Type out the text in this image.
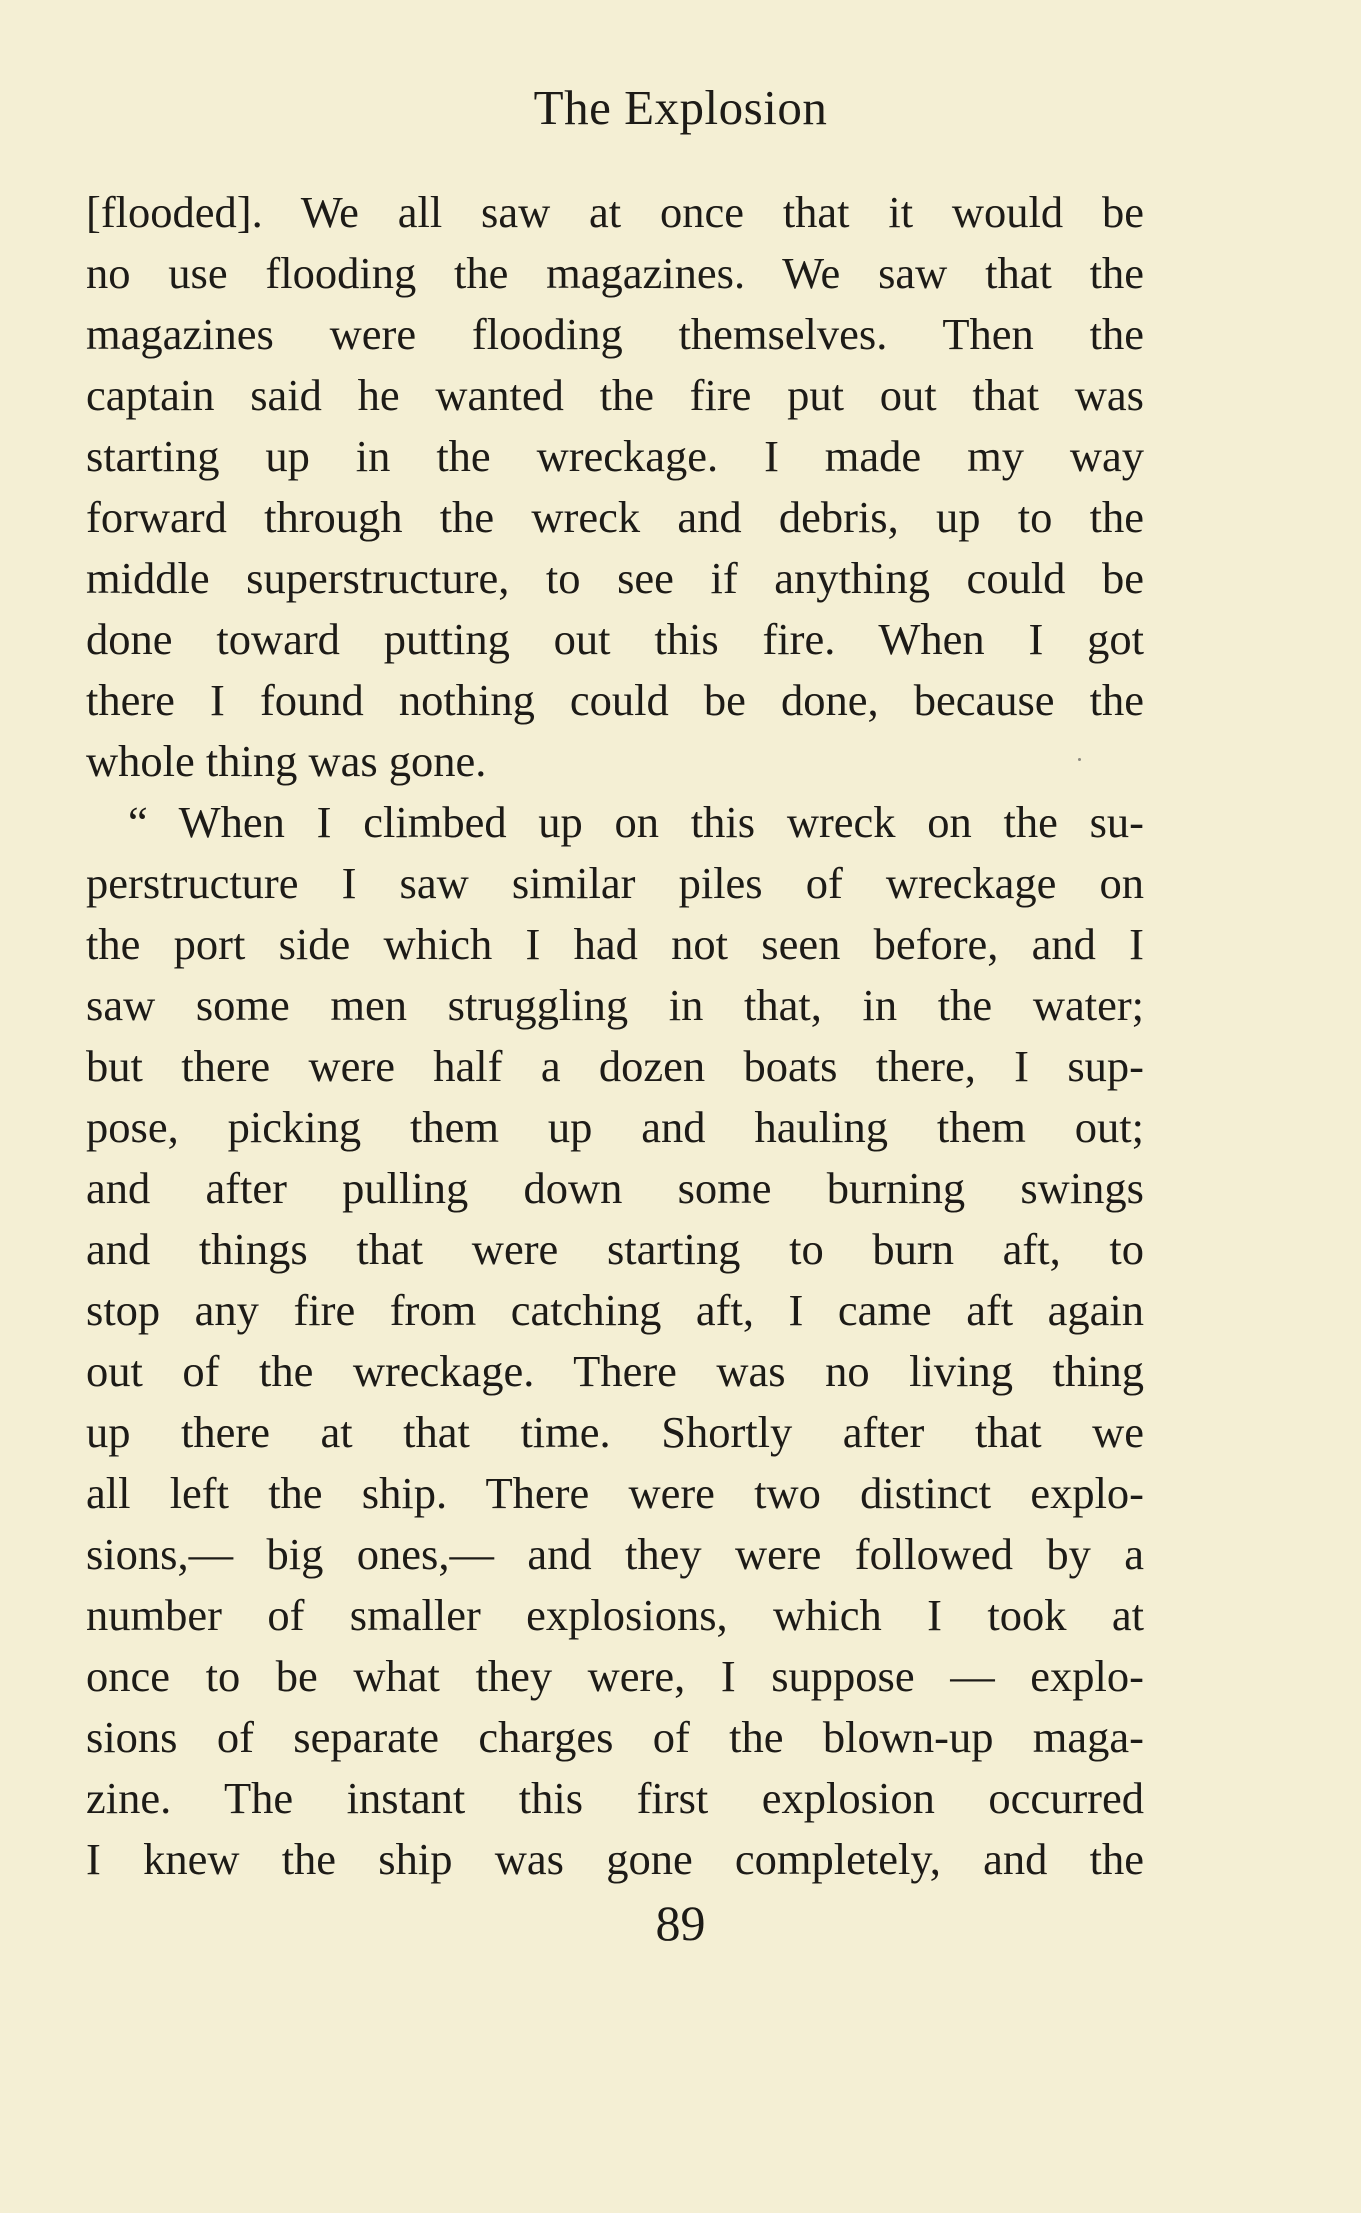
The Explosion
[flooded]. We all saw at once that it would be
no use flooding the magazines. We saw that the
magazines were flooding themselves. Then the
captain said he wanted the fire put out that was
starting up in the wreckage. I made my way
forward through the wreck and debris, up to the
middle superstructure, to see if anything could be
done toward putting out this fire. When I got
there I found nothing could be done, because the
whole thing was gone.
“ When I climbed up on this wreck on the su-
perstructure I saw similar piles of wreckage on
the port side which I had not seen before, and I
saw some men struggling in that, in the water;
but there were half a dozen boats there, I sup-
pose, picking them up and hauling them out;
and after pulling down some burning swings
and things that were starting to burn aft, to
stop any fire from catching aft, I came aft again
out of the wreckage. There was no living thing
up there at that time. Shortly after that we
all left the ship. There were two distinct explo-
sions,— big ones,— and they were followed by a
number of smaller explosions, which I took at
once to be what they were, I suppose — explo-
sions of separate charges of the blown-up maga-
zine. The instant this first explosion occurred
I knew the ship was gone completely, and the
89
